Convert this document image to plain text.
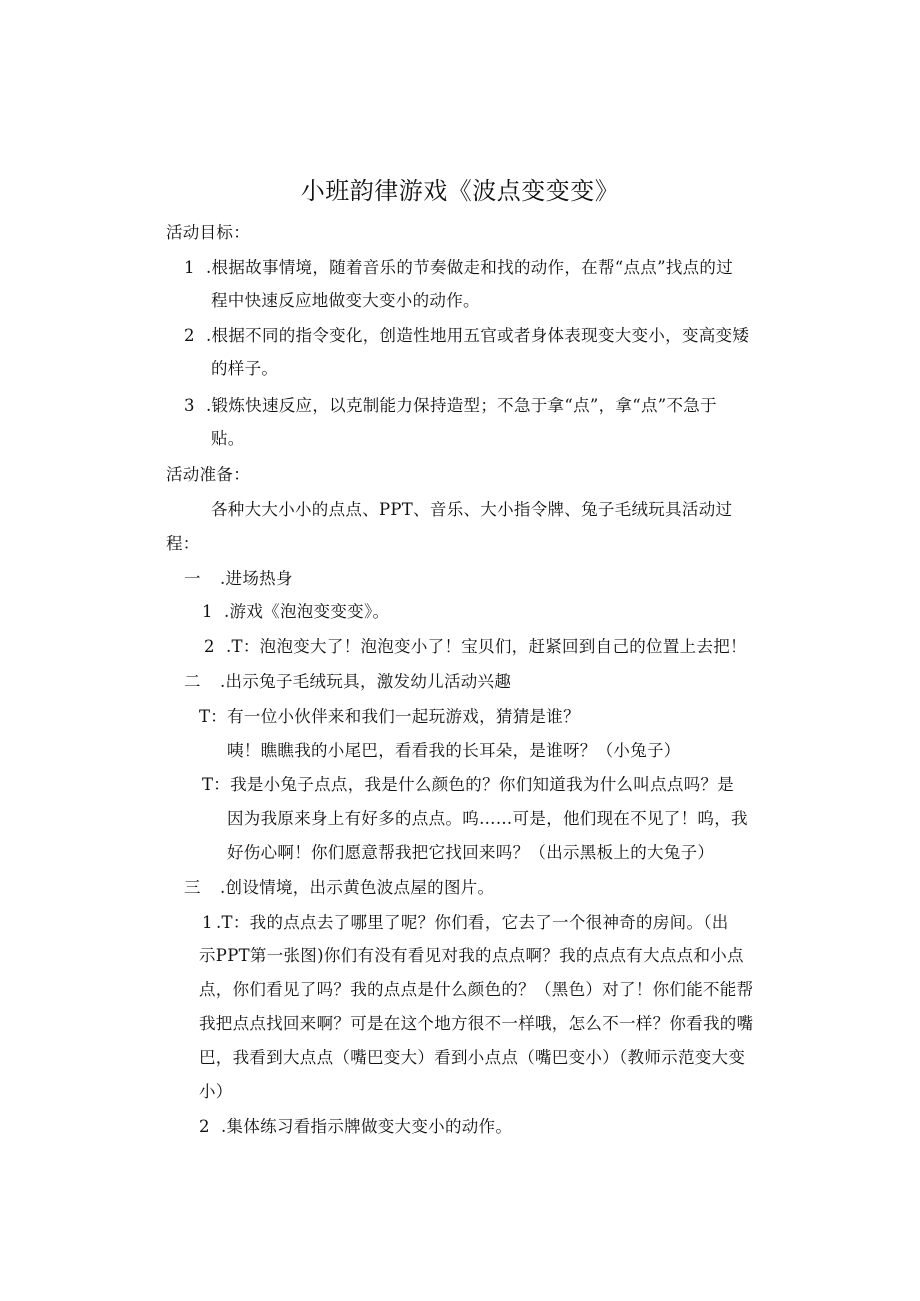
小班韵律游戏《波点变变变》
活动目标：
1 .根据故事情境，随着音乐的节奏做走和找的动作，在帮“点点”找点的过
程中快速反应地做变大变小的动作。
2 .根据不同的指令变化，创造性地用五官或者身体表现变大变小，变高变矮
的样子。
3 .锻炼快速反应，以克制能力保持造型；不急于拿“点”，拿“点”不急于
贴。
活动准备：
各种大大小小的点点、PPT、音乐、大小指令牌、兔子毛绒玩具活动过
程：
一 .进场热身
1 .游戏《泡泡变变变》。
2 .T：泡泡变大了！泡泡变小了！宝贝们，赶紧回到自己的位置上去把！
二 .出示兔子毛绒玩具，激发幼儿活动兴趣
T：有一位小伙伴来和我们一起玩游戏，猜猜是谁？
咦！瞧瞧我的小尾巴，看看我的长耳朵，是谁呀？（小兔子）
T：我是小兔子点点，我是什么颜色的？你们知道我为什么叫点点吗？是
因为我原来身上有好多的点点。呜……可是，他们现在不见了！呜，我
好伤心啊！你们愿意帮我把它找回来吗？（出示黑板上的大兔子）
三 .创设情境，出示黄色波点屋的图片。
1 .T：我的点点去了哪里了呢？你们看，它去了一个很神奇的房间。（出
示PPT第一张图)你们有没有看见对我的点点啊？我的点点有大点点和小点
点，你们看见了吗？我的点点是什么颜色的？（黑色）对了！你们能不能帮
我把点点找回来啊？可是在这个地方很不一样哦，怎么不一样？你看我的嘴
巴，我看到大点点（嘴巴变大）看到小点点（嘴巴变小）（教师示范变大变
小）
2 .集体练习看指示牌做变大变小的动作。
